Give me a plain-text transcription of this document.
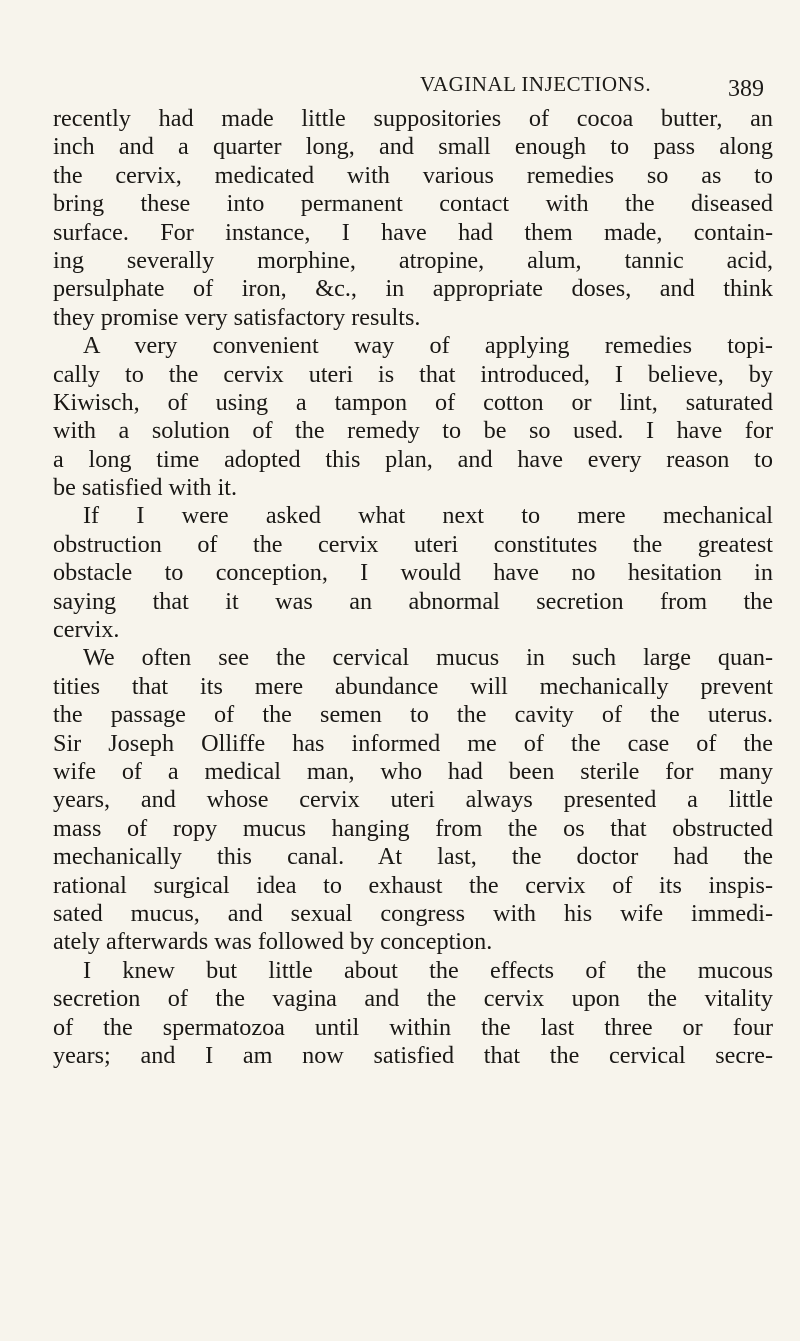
VAGINAL INJECTIONS.	389
recently had made little suppositories of cocoa butter, an
inch and a quarter long, and small enough to pass along
the cervix, medicated with various remedies so as to
bring these into permanent contact with the diseased
surface. For instance, I have had them made, contain-
ing severally morphine, atropine, alum, tannic acid,
persulphate of iron, &c., in appropriate doses, and think
they promise very satisfactory results.
A very convenient way of applying remedies topi-
cally to the cervix uteri is that introduced, I believe, by
Kiwisch, of using a tampon of cotton or lint, saturated
with a solution of the remedy to be so used. I have for
a long time adopted this plan, and have every reason to
be satisfied with it.
If I were asked what next to mere mechanical
obstruction of the cervix uteri constitutes the greatest
obstacle to conception, I would have no hesitation in
saying that it was an abnormal secretion from the
cervix.
We often see the cervical mucus in such large quan-
tities that its mere abundance will mechanically prevent
the passage of the semen to the cavity of the uterus.
Sir Joseph Olliffe has informed me of the case of the
wife of a medical man, who had been sterile for many
years, and whose cervix uteri always presented a little
mass of ropy mucus hanging from the os that obstructed
mechanically this canal. At last, the doctor had the
rational surgical idea to exhaust the cervix of its inspis-
sated mucus, and sexual congress with his wife immedi-
ately afterwards was followed by conception.
I knew but little about the effects of the mucous
secretion of the vagina and the cervix upon the vitality
of the spermatozoa until within the last three or four
years; and I am now satisfied that the cervical secre-
